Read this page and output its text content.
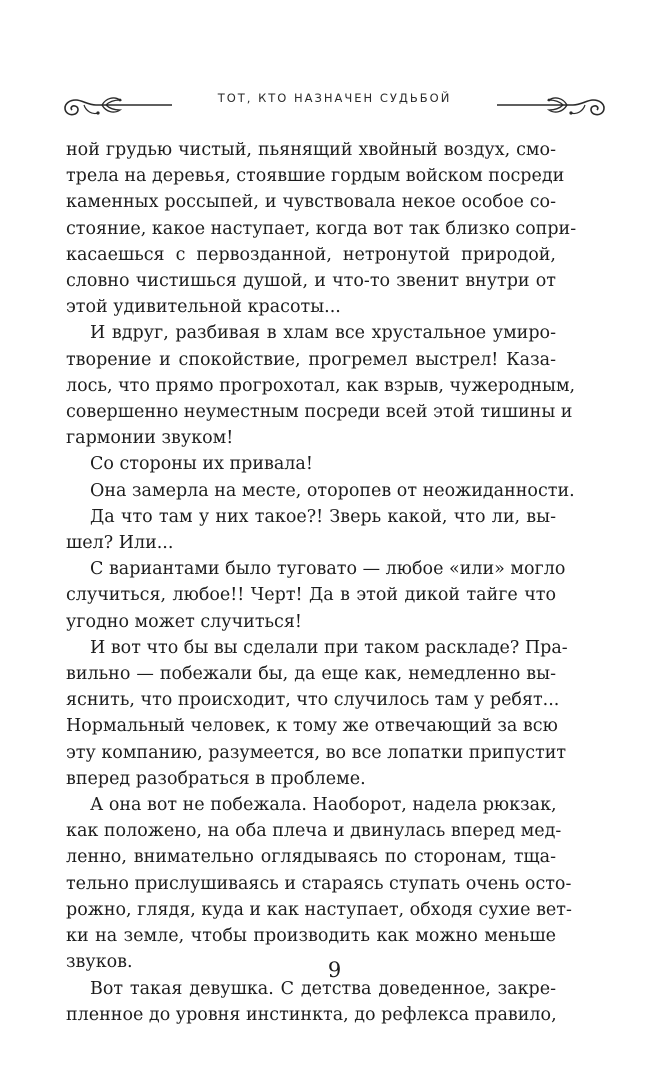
ТОТ, КТО НАЗНАЧЕН СУДЬБОЙ
ной грудью чистый, пьянящий хвойный воздух, смо-
трела на деревья, стоявшие гордым войском посреди
каменных россыпей, и чувствовала некое особое со-
стояние, какое наступает, когда вот так близко сопри-
касаешься с первозданной, нетронутой природой,
словно чистишься душой, и что-то звенит внутри от
этой удивительной красоты...
И вдруг, разбивая в хлам все хрустальное умиро-
творение и спокойствие, прогремел выстрел! Каза-
лось, что прямо прогрохотал, как взрыв, чужеродным,
совершенно неуместным посреди всей этой тишины и
гармонии звуком!
Со стороны их привала!
Она замерла на месте, оторопев от неожиданности.
Да что там у них такое?! Зверь какой, что ли, вы-
шел? Или...
С вариантами было туговато — любое «или» могло
случиться, любое!! Черт! Да в этой дикой тайге что
угодно может случиться!
И вот что бы вы сделали при таком раскладе? Пра-
вильно — побежали бы, да еще как, немедленно вы-
яснить, что происходит, что случилось там у ребят...
Нормальный человек, к тому же отвечающий за всю
эту компанию, разумеется, во все лопатки припустит
вперед разобраться в проблеме.
А она вот не побежала. Наоборот, надела рюкзак,
как положено, на оба плеча и двинулась вперед мед-
ленно, внимательно оглядываясь по сторонам, тща-
тельно прислушиваясь и стараясь ступать очень осто-
рожно, глядя, куда и как наступает, обходя сухие вет-
ки на земле, чтобы производить как можно меньше
звуков.
Вот такая девушка. С детства доведенное, закре-
пленное до уровня инстинкта, до рефлекса правило,
9
